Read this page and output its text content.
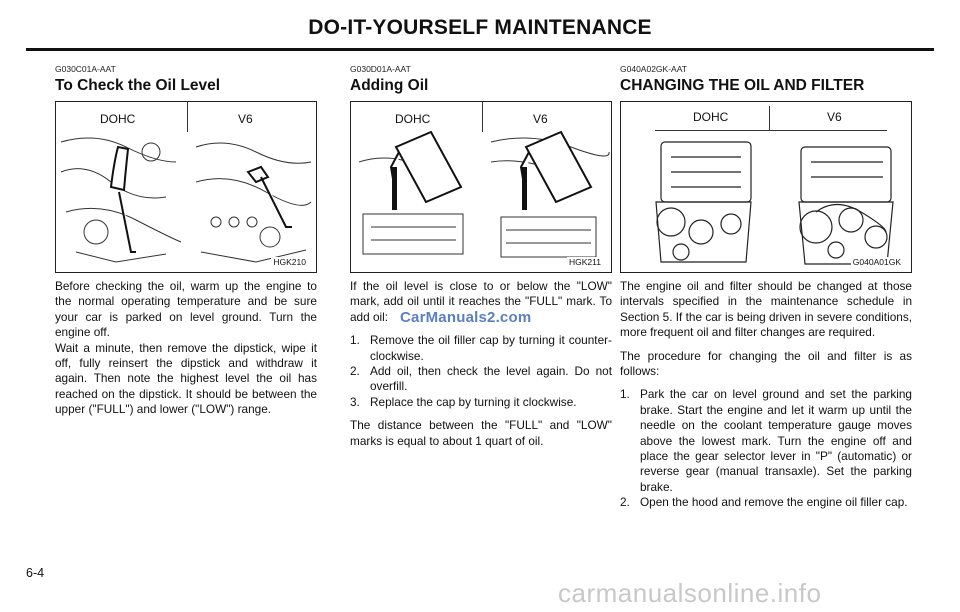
DO-IT-YOURSELF MAINTENANCE
G030C01A-AAT
To Check the Oil Level
DOHC	V6
HGK210

Before checking the oil, warm up the engine to the normal operating temperature and be sure your car is parked on level ground. Turn the engine off.

Wait a minute, then remove the dipstick, wipe it off, fully reinsert the dipstick and withdraw it again. Then note the highest level the oil has reached on the dipstick. It should be between the upper ("FULL") and lower ("LOW") range.

G030D01A-AAT
Adding Oil
DOHC	V6
HGK211

If the oil level is close to or below the "LOW" mark, add oil until it reaches the "FULL" mark. To add oil:

1. Remove the oil filler cap by turning it counter-clockwise.
2. Add oil, then check the level again. Do not overfill.
3. Replace the cap by turning it clockwise.

The distance between the "FULL" and "LOW" marks is equal to about 1 quart of oil.

G040A02GK-AAT
CHANGING THE OIL AND FILTER
DOHC	V6
G040A01GK

The engine oil and filter should be changed at those intervals specified in the maintenance schedule in Section 5. If the car is being driven in severe conditions, more frequent oil and filter changes are required.

The procedure for changing the oil and filter is as follows:

1. Park the car on level ground and set the parking brake. Start the engine and let it warm up until the needle on the coolant temperature gauge moves above the lowest mark. Turn the engine off and place the gear selector lever in "P" (automatic) or reverse gear (manual transaxle). Set the parking brake.
2. Open the hood and remove the engine oil filler cap.
CarManuals2.com
6-4
carmanualsonline.info
